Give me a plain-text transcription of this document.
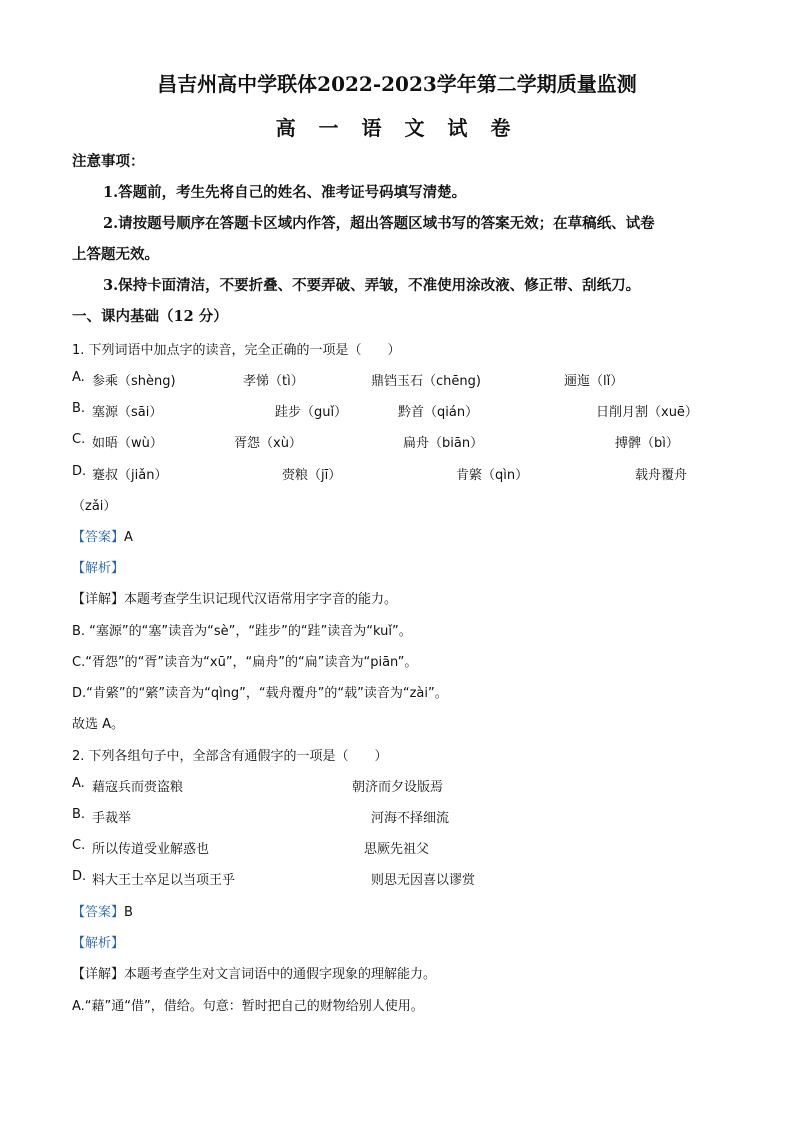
昌吉州高中学联体2022-2023学年第二学期质量监测
高 一 语 文 试 卷
注意事项：
1.答题前，考生先将自己的姓名、准考证号码填写清楚。
2.请按题号顺序在答题卡区域内作答，超出答题区域书写的答案无效；在草稿纸、试卷
上答题无效。
3.保持卡面清洁，不要折叠、不要弄破、弄皱，不准使用涂改液、修正带、刮纸刀。
一、课内基础（12 分）
1. 下列词语中加点字的读音，完全正确的一项是（　　）
A. 参乘（shèng)	孝悌（tì）	鼎铛玉石（chēng)	逦迤（lǐ）
B. 塞源（sāi）	跬步（guǐ）	黔首（qián）	日削月割（xuē）
C. 如晤（wù）	胥怨（xù）	扁舟（biān）	搏髀（bì）
D. 蹇叔（jiǎn）	赍粮（jī）	肯綮（qìn）	载舟覆舟
（zǎi）
【答案】A
【解析】
【详解】本题考查学生识记现代汉语常用字字音的能力。
B. “塞源”的“塞”读音为“sè”，“跬步”的“跬”读音为“kuǐ”。
C.“胥怨”的“胥”读音为“xū”，“扁舟”的“扁”读音为“piān”。
D.“肯綮”的“綮”读音为“qìng”，“载舟覆舟”的“载”读音为“zài”。
故选 A。
2. 下列各组句子中，全部含有通假字的一项是（　　）
A. 藉寇兵而赍盗粮	朝济而夕设版焉
B. 手裁举	河海不择细流
C. 所以传道受业解惑也	思厥先祖父
D. 料大王士卒足以当项王乎	则思无因喜以谬赏
【答案】B
【解析】
【详解】本题考查学生对文言词语中的通假字现象的理解能力。
A.“藉”通“借”，借给。句意：暂时把自己的财物给别人使用。
